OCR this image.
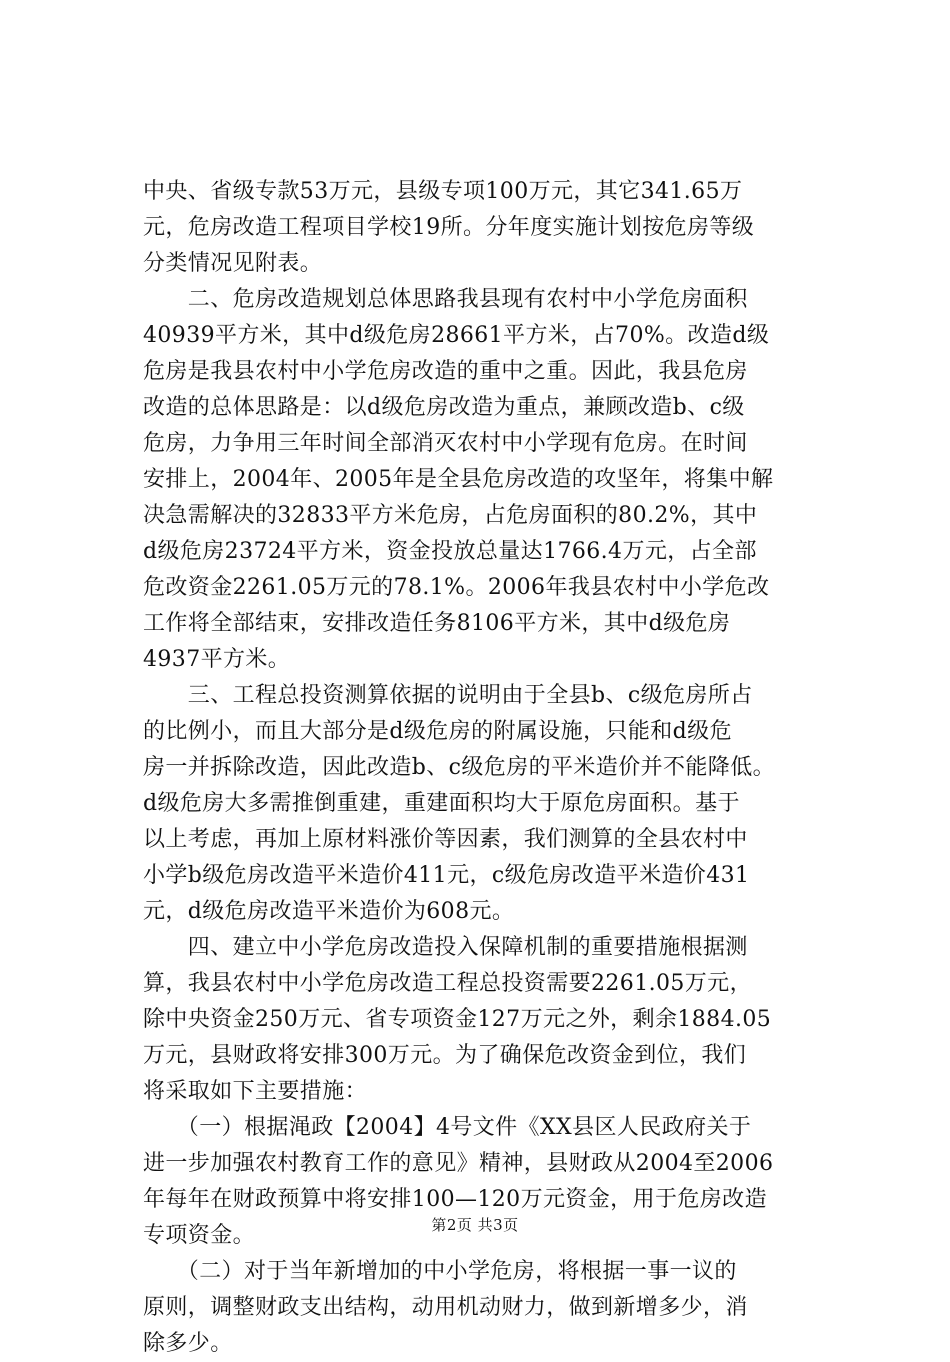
中央、省级专款53万元，县级专项100万元，其它341.65万
元，危房改造工程项目学校19所。分年度实施计划按危房等级
分类情况见附表。
　　二、危房改造规划总体思路我县现有农村中小学危房面积
40939平方米，其中d级危房28661平方米，占70%。改造d级
危房是我县农村中小学危房改造的重中之重。因此，我县危房
改造的总体思路是：以d级危房改造为重点，兼顾改造b、c级
危房，力争用三年时间全部消灭农村中小学现有危房。在时间
安排上，2004年、2005年是全县危房改造的攻坚年，将集中解
决急需解决的32833平方米危房，占危房面积的80.2%，其中
d级危房23724平方米，资金投放总量达1766.4万元，占全部
危改资金2261.05万元的78.1%。2006年我县农村中小学危改
工作将全部结束，安排改造任务8106平方米，其中d级危房
4937平方米。
　　三、工程总投资测算依据的说明由于全县b、c级危房所占
的比例小，而且大部分是d级危房的附属设施，只能和d级危
房一并拆除改造，因此改造b、c级危房的平米造价并不能降低。
d级危房大多需推倒重建，重建面积均大于原危房面积。基于
以上考虑，再加上原材料涨价等因素，我们测算的全县农村中
小学b级危房改造平米造价411元，c级危房改造平米造价431
元，d级危房改造平米造价为608元。
　　四、建立中小学危房改造投入保障机制的重要措施根据测
算，我县农村中小学危房改造工程总投资需要2261.05万元，
除中央资金250万元、省专项资金127万元之外，剩余1884.05
万元，县财政将安排300万元。为了确保危改资金到位，我们
将采取如下主要措施：
　　（一）根据渑政【2004】4号文件《XX县区人民政府关于
进一步加强农村教育工作的意见》精神，县财政从2004至2006
年每年在财政预算中将安排100—120万元资金，用于危房改造
专项资金。
　　（二）对于当年新增加的中小学危房，将根据一事一议的
原则，调整财政支出结构，动用机动财力，做到新增多少，消
除多少。
第2页 共3页
